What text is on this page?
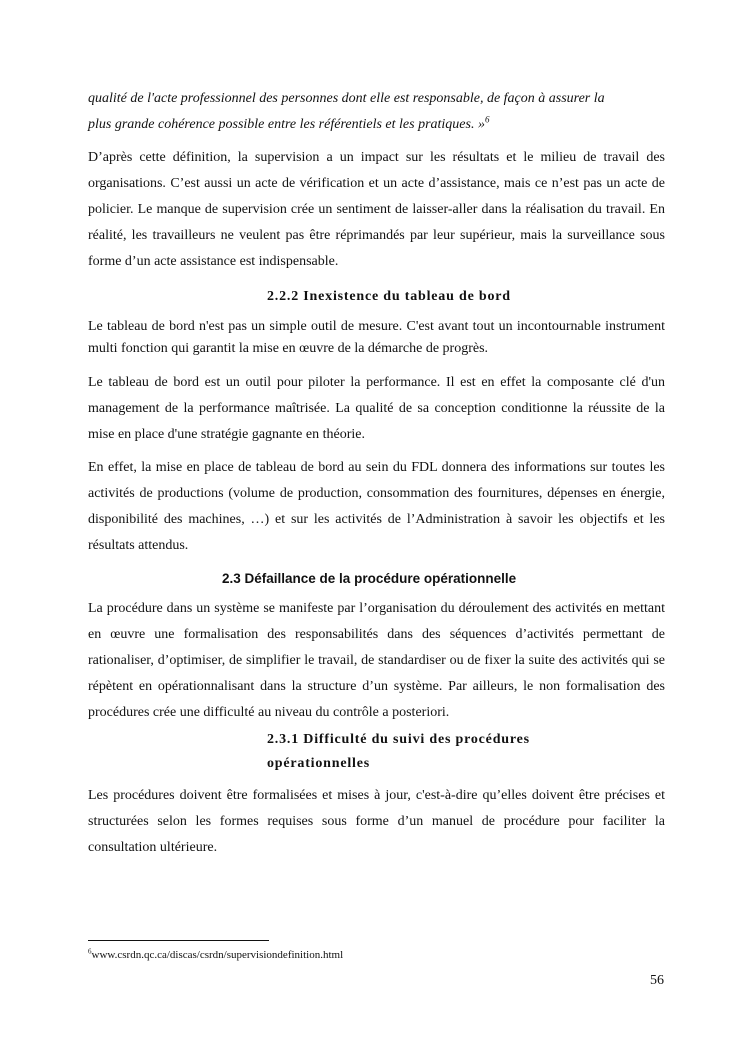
qualité de l'acte professionnel des personnes dont elle est responsable, de façon à assurer la
plus grande cohérence possible entre les référentiels et les pratiques. »$^6$

D’après cette définition, la supervision a un impact sur les résultats et le milieu de travail des organisations. C’est aussi un acte de vérification et un acte d’assistance, mais ce n’est pas un acte de policier. Le manque de supervision crée un sentiment de laisser-aller dans la réalisation du travail. En réalité, les travailleurs ne veulent pas être réprimandés par leur supérieur, mais la surveillance sous forme d’un acte assistance est indispensable.

2.2.2 Inexistence du tableau de bord

Le tableau de bord n'est pas un simple outil de mesure. C'est avant tout un incontournable instrument multi fonction qui garantit la mise en œuvre de la démarche de progrès.

Le tableau de bord est un outil pour piloter la performance. Il est en effet la composante clé d'un management de la performance maîtrisée. La qualité de sa conception conditionne la réussite de la mise en place d'une stratégie gagnante en théorie.

En effet, la mise en place de tableau de bord au sein du FDL donnera des informations sur toutes les activités de productions (volume de production, consommation des fournitures, dépenses en énergie, disponibilité des machines, …) et sur les activités de l’Administration à savoir les objectifs et les résultats attendus.

2.3 Défaillance de la procédure opérationnelle

La procédure dans un système se manifeste par l’organisation du déroulement des activités en mettant en œuvre une formalisation des responsabilités dans des séquences d’activités permettant de rationaliser, d’optimiser, de simplifier le travail, de standardiser ou de fixer la suite des activités qui se répètent en opérationnalisant dans la structure d’un système. Par ailleurs, le non formalisation des procédures crée une difficulté au niveau du contrôle a posteriori.

2.3.1 Difficulté du suivi des procédures
opérationnelles

Les procédures doivent être formalisées et mises à jour, c'est-à-dire qu’elles doivent être précises et structurées selon les formes requises sous forme d’un manuel de procédure pour faciliter la consultation ultérieure.

$^6$www.csrdn.qc.ca/discas/csrdn/supervisiondefinition.html
56
